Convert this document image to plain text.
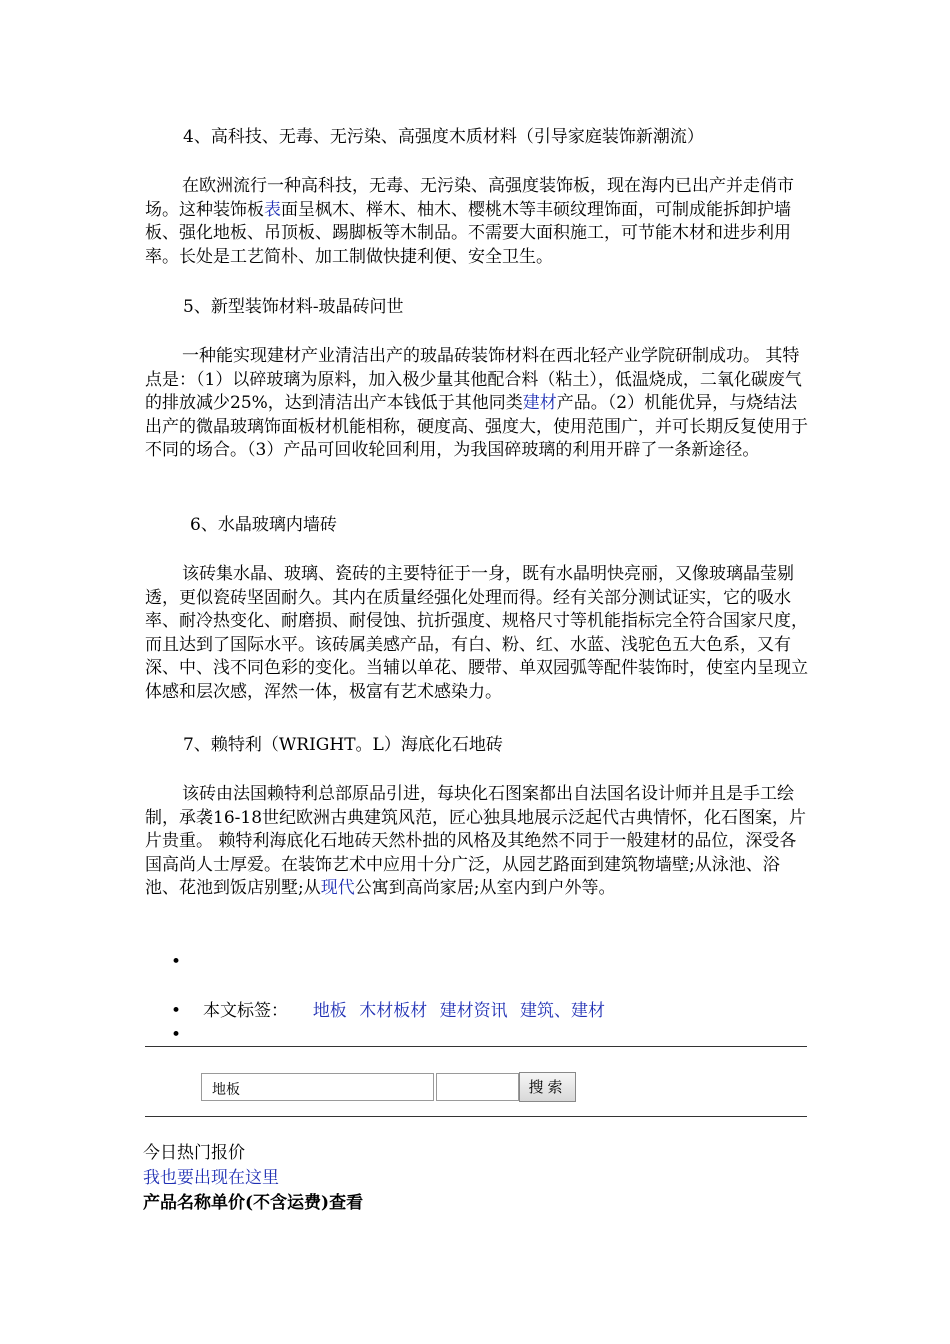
4、高科技、无毒、无污染、高强度木质材料（引导家庭装饰新潮流）

在欧洲流行一种高科技，无毒、无污染、高强度装饰板，现在海内已出产并走俏市场。这种装饰板表面呈枫木、榉木、柚木、樱桃木等丰硕纹理饰面，可制成能拆卸护墙板、强化地板、吊顶板、踢脚板等木制品。不需要大面积施工，可节能木材和进步利用率。长处是工艺简朴、加工制做快捷利便、安全卫生。

5、新型装饰材料-玻晶砖问世

一种能实现建材产业清洁出产的玻晶砖装饰材料在西北轻产业学院研制成功。 其特点是：（1）以碎玻璃为原料，加入极少量其他配合料（粘土），低温烧成，二氧化碳废气的排放减少25%，达到清洁出产本钱低于其他同类建材产品。（2）机能优异，与烧结法出产的微晶玻璃饰面板材机能相称，硬度高、强度大，使用范围广，并可长期反复使用于不同的场合。（3）产品可回收轮回利用，为我国碎玻璃的利用开辟了一条新途径。

6、水晶玻璃内墙砖

该砖集水晶、玻璃、瓷砖的主要特征于一身，既有水晶明快亮丽，又像玻璃晶莹剔透，更似瓷砖坚固耐久。其内在质量经强化处理而得。经有关部分测试证实，它的吸水率、耐冷热变化、耐磨损、耐侵蚀、抗折强度、规格尺寸等机能指标完全符合国家尺度，而且达到了国际水平。该砖属美感产品，有白、粉、红、水蓝、浅驼色五大色系，又有深、中、浅不同色彩的变化。当辅以单花、腰带、单双园弧等配件装饰时，使室内呈现立体感和层次感，浑然一体，极富有艺术感染力。

7、赖特利（WRIGHT。L）海底化石地砖

该砖由法国赖特利总部原品引进，每块化石图案都出自法国名设计师并且是手工绘制，承袭16-18世纪欧洲古典建筑风范，匠心独具地展示泛起代古典情怀，化石图案，片片贵重。 赖特利海底化石地砖天然朴拙的风格及其绝然不同于一般建材的品位，深受各国高尚人士厚爱。在装饰艺术中应用十分广泛，从园艺路面到建筑物墙壁;从泳池、浴池、花池到饭店别墅;从现代公寓到高尚家居;从室内到户外等。

•
• 本文标签： 地板 木材板材 建材资讯 建筑、建材
•
地板	搜索

今日热门报价

我也要出现在这里

产品名称单价(不含运费)查看
